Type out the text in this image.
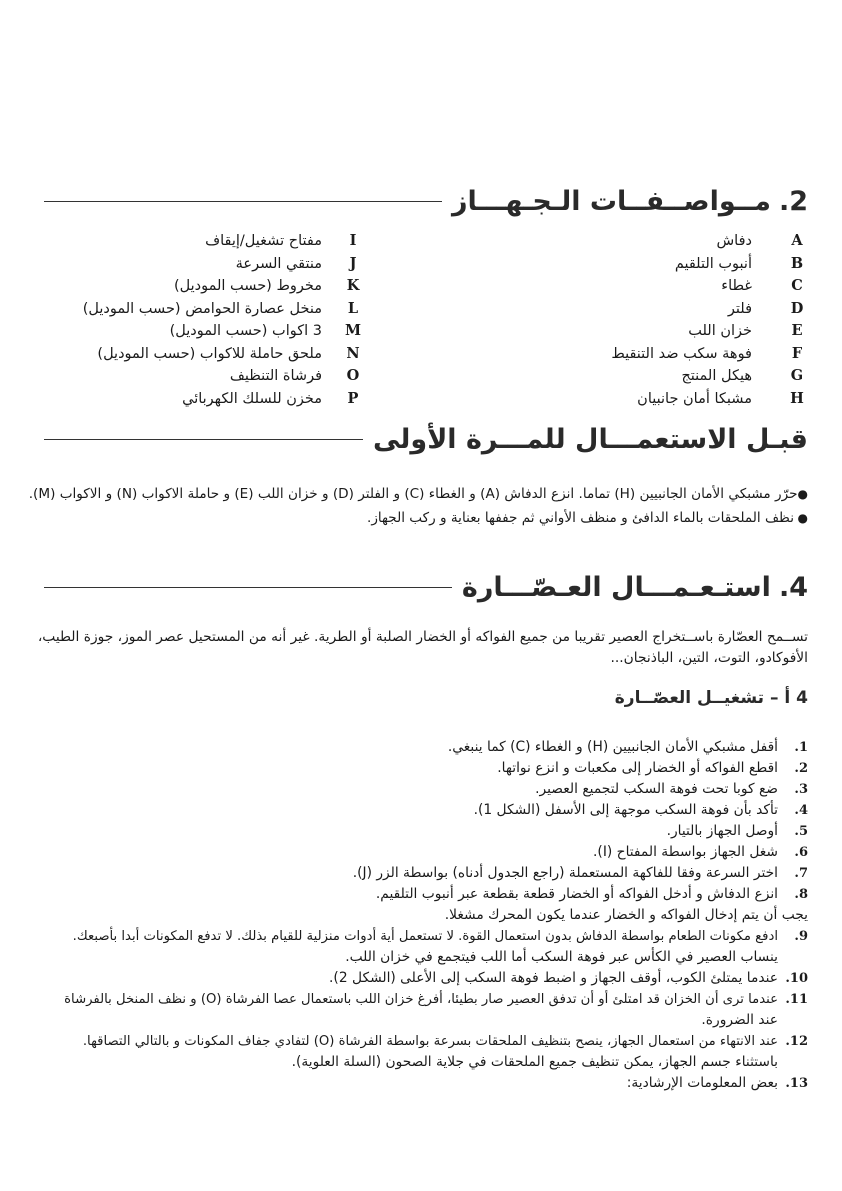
2.
مــواصــفــات الـجـهـــاز
A
دفاش
B
أنبوب التلقيم
C
غطاء
D
فلتر
E
خزان اللب
F
فوهة سكب ضد التنقيط
G
هيكل المنتج
H
مشبكا أمان جانبيان
I
مفتاح تشغيل/إيقاف
J
منتقي السرعة
K
مخروط (حسب الموديل)
L
منخل عصارة الحوامض (حسب الموديل)
M
3 اكواب (حسب الموديل)
N
ملحق حاملة للاكواب (حسب الموديل)
O
فرشاة التنظيف
P
مخزن للسلك الكهربائي
قبـل الاستعمـــال للمـــرة الأولى
●
حرّر مشبكي الأمان الجانبيين (H) تماما. انزع الدفاش (A) و الغطاء (C) و الفلتر (D) و خزان اللب (E) و حاملة الاكواب (N) و الاكواب (M).
●
نظف الملحقات بالماء الدافئ و منظف الأواني ثم جففها بعناية و ركب الجهاز.
4.
استـعـمـــال العـصّـــارة
تســمح العصّارة باســتخراج العصير تقريبا من جميع الفواكه أو الخضار الصلبة أو الطرية. غير أنه من المستحيل عصر الموز، جوزة الطيب، الأفوكادو، التوت، التين، الباذنجان...
4 أ – تشغيــل العصّــارة
1.
أقفل مشبكي الأمان الجانبيين (H) و الغطاء (C) كما ينبغي.
2.
اقطع الفواكه أو الخضار إلى مكعبات و انزع نواتها.
3.
ضع كوبا تحت فوهة السكب لتجميع العصير.
4.
تأكد بأن فوهة السكب موجهة إلى الأسفل (الشكل 1).
5.
أوصل الجهاز بالتيار.
6.
شغل الجهاز بواسطة المفتاح (I).
7.
اختر السرعة وفقا للفاكهة المستعملة (راجع الجدول أدناه) بواسطة الزر (J).
8.
انزع الدفاش و أدخل الفواكه أو الخضار قطعة بقطعة عبر أنبوب التلقيم.
يجب أن يتم إدخال الفواكه و الخضار عندما يكون المحرك مشغلا.
9.
ادفع مكونات الطعام بواسطة الدفاش بدون استعمال القوة. لا تستعمل أية أدوات منزلية للقيام بذلك. لا تدفع المكونات أبدا بأصبعك.
ينساب العصير في الكأس عبر فوهة السكب أما اللب فيتجمع في خزان اللب.
10.
عندما يمتلئ الكوب، أوقف الجهاز و اضبط فوهة السكب إلى الأعلى (الشكل 2).
11.
عندما ترى أن الخزان قد امتلئ أو أن تدفق العصير صار بطيئا، أفرغ خزان اللب باستعمال عصا الفرشاة (O) و نظف المنخل بالفرشاة
عند الضرورة.
12.
عند الانتهاء من استعمال الجهاز، ينصح بتنظيف الملحقات بسرعة بواسطة الفرشاة (O) لتفادي جفاف المكونات و بالتالي التصاقها.
باستثناء جسم الجهاز، يمكن تنظيف جميع الملحقات في جلاية الصحون (السلة العلوية).
13.
بعض المعلومات الإرشادية:
